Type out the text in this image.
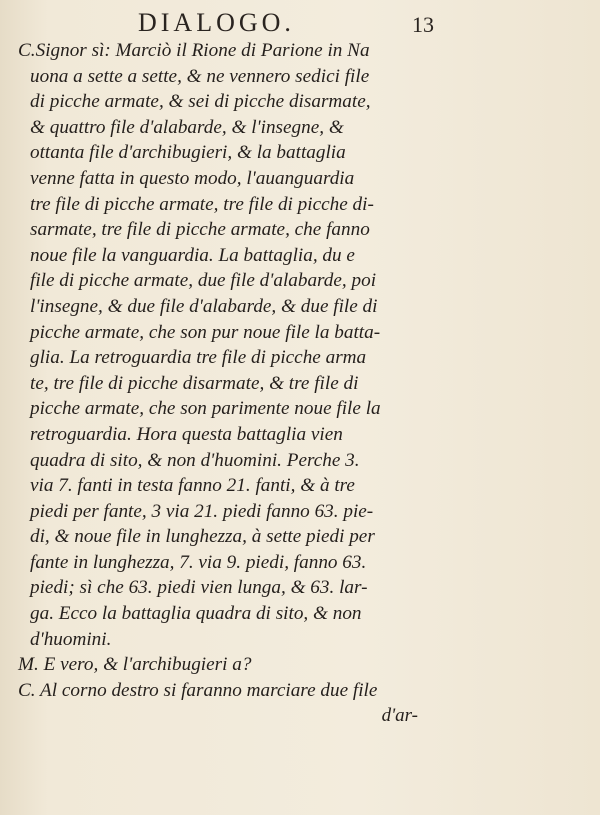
DIALOGO.	13
C.Signor sì: Marciò il Rione di Parione in Na
uona a sette a sette, & ne vennero sedici file
di picche armate, & sei di picche disarmate,
& quattro file d'alabarde, & l'insegne, &
ottanta file d'archibugieri, & la battaglia
venne fatta in questo modo, l'auanguardia
tre file di picche armate, tre file di picche di-
sarmate, tre file di picche armate, che fanno
noue file la vanguardia. La battaglia, du e
file di picche armate, due file d'alabarde, poi
l'insegne, & due file d'alabarde, & due file di
picche armate, che son pur noue file la batta-
glia. La retroguardia tre file di picche arma
te, tre file di picche disarmate, & tre file di
picche armate, che son parimente noue file la
retroguardia. Hora questa battaglia vien
quadra di sito, & non d'huomini. Perche 3.
via 7. fanti in testa fanno 21. fanti, & à tre
piedi per fante, 3 via 21. piedi fanno 63. pie-
di, & noue file in lunghezza, à sette piedi per
fante in lunghezza, 7. via 9. piedi, fanno 63.
piedi; sì che 63. piedi vien lunga, & 63. lar-
ga. Ecco la battaglia quadra di sito, & non
d'huomini.
M. E vero, & l'archibugieri a?
C. Al corno destro si faranno marciare due file
d'ar-
